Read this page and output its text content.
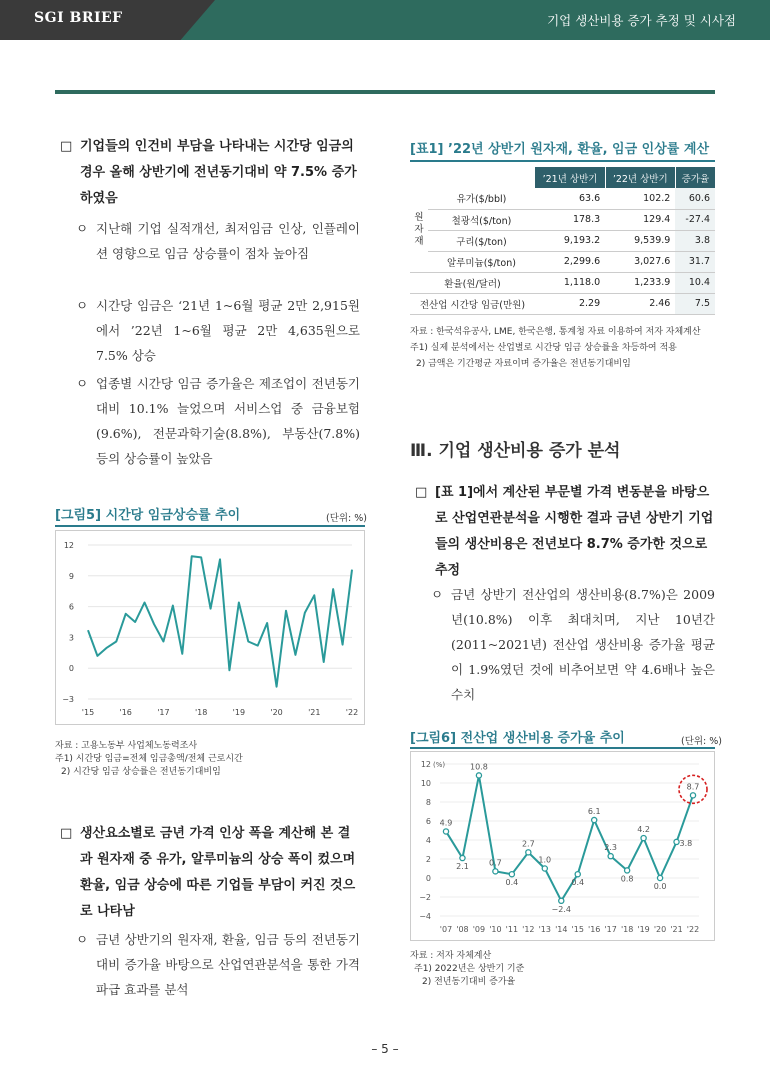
SGI BRIEF	기업 생산비용 증가 추정 및 시사점
□ 기업들의 인건비 부담을 나타내는 시간당 임금의 경우 올해 상반기에 전년동기대비 약 7.5% 증가하였음
ㅇ 지난해 기업 실적개선, 최저임금 인상, 인플레이션 영향으로 임금 상승률이 점차 높아짐
ㅇ 시간당 임금은 ‘21년 1~6월 평균 2만 2,915원에서 ’22년 1~6월 평균 2만 4,635원으로 7.5% 상승
ㅇ 업종별 시간당 임금 증가율은 제조업이 전년동기대비 10.1% 늘었으며 서비스업 중 금융보험(9.6%), 전문과학기술(8.8%), 부동산(7.8%) 등의 상승률이 높았음
[그림5] 시간당 임금상승률 추이	(단위: %)
12
9
6
3
0
−3
'15	'16	'17	'18	'19	'20	'21	'22
자료 : 고용노동부 사업체노동력조사
주1) 시간당 임금=전체 임금총액/전체 근로시간
2) 시간당 임금 상승률은 전년동기대비임
□ 생산요소별로 금년 가격 인상 폭을 계산해 본 결과 원자재 중 유가, 알루미늄의 상승 폭이 컸으며 환율, 임금 상승에 따른 기업들 부담이 커진 것으로 나타남
ㅇ 금년 상반기의 원자재, 환율, 임금 등의 전년동기대비 증가율 바탕으로 산업연관분석을 통한 가격파급 효과를 분석
[표1] ’22년 상반기 원자재, 환율, 임금 인상률 계산
		’21년 상반기	’22년 상반기	증가율

원
자
재	유가($/bbl)	63.6	102.2	60.6
	철광석($/ton)	178.3	129.4	-27.4
	구리($/ton)	9,193.2	9,539.9	3.8
	알루미늄($/ton)	2,299.6	3,027.6	31.7
환율(원/달러)		1,118.0	1,233.9	10.4
전산업 시간당 임금(만원)		2.29	2.46	7.5
자료 : 한국석유공사, LME, 한국은행, 통계청 자료 이용하여 저자 자체계산
주1) 실제 분석에서는 산업별로 시간당 임금 상승률을 차등하여 적용
2) 금액은 기간평균 자료이며 증가율은 전년동기대비임
Ⅲ. 기업 생산비용 증가 분석
□ [표 1]에서 계산된 부문별 가격 변동분을 바탕으로 산업연관분석을 시행한 결과 금년 상반기 기업들의 생산비용은 전년보다 8.7% 증가한 것으로 추정
ㅇ 금년 상반기 전산업의 생산비용(8.7%)은 2009년(10.8%) 이후 최대치며, 지난 10년간(2011~2021년) 전산업 생산비용 증가율 평균이 1.9%였던 것에 비추어보면 약 4.6배나 높은 수치
[그림6] 전산업 생산비용 증가율 추이	(단위: %)
12
10
8
6
4
2
0
−2
−4
(%)
4.9
2.1
10.8
0.7
0.4
2.7
1.0
−2.4
0.4
6.1
2.3
0.8
4.2
0.0
3.8
8.7
'07 '08 '09 '10 '11 '12 '13 '14 '15 '16 '17 '18 '19 '20 '21 '22
자료 : 저자 자체계산
주1) 2022년은 상반기 기준
2) 전년동기대비 증가율
– 5 –
